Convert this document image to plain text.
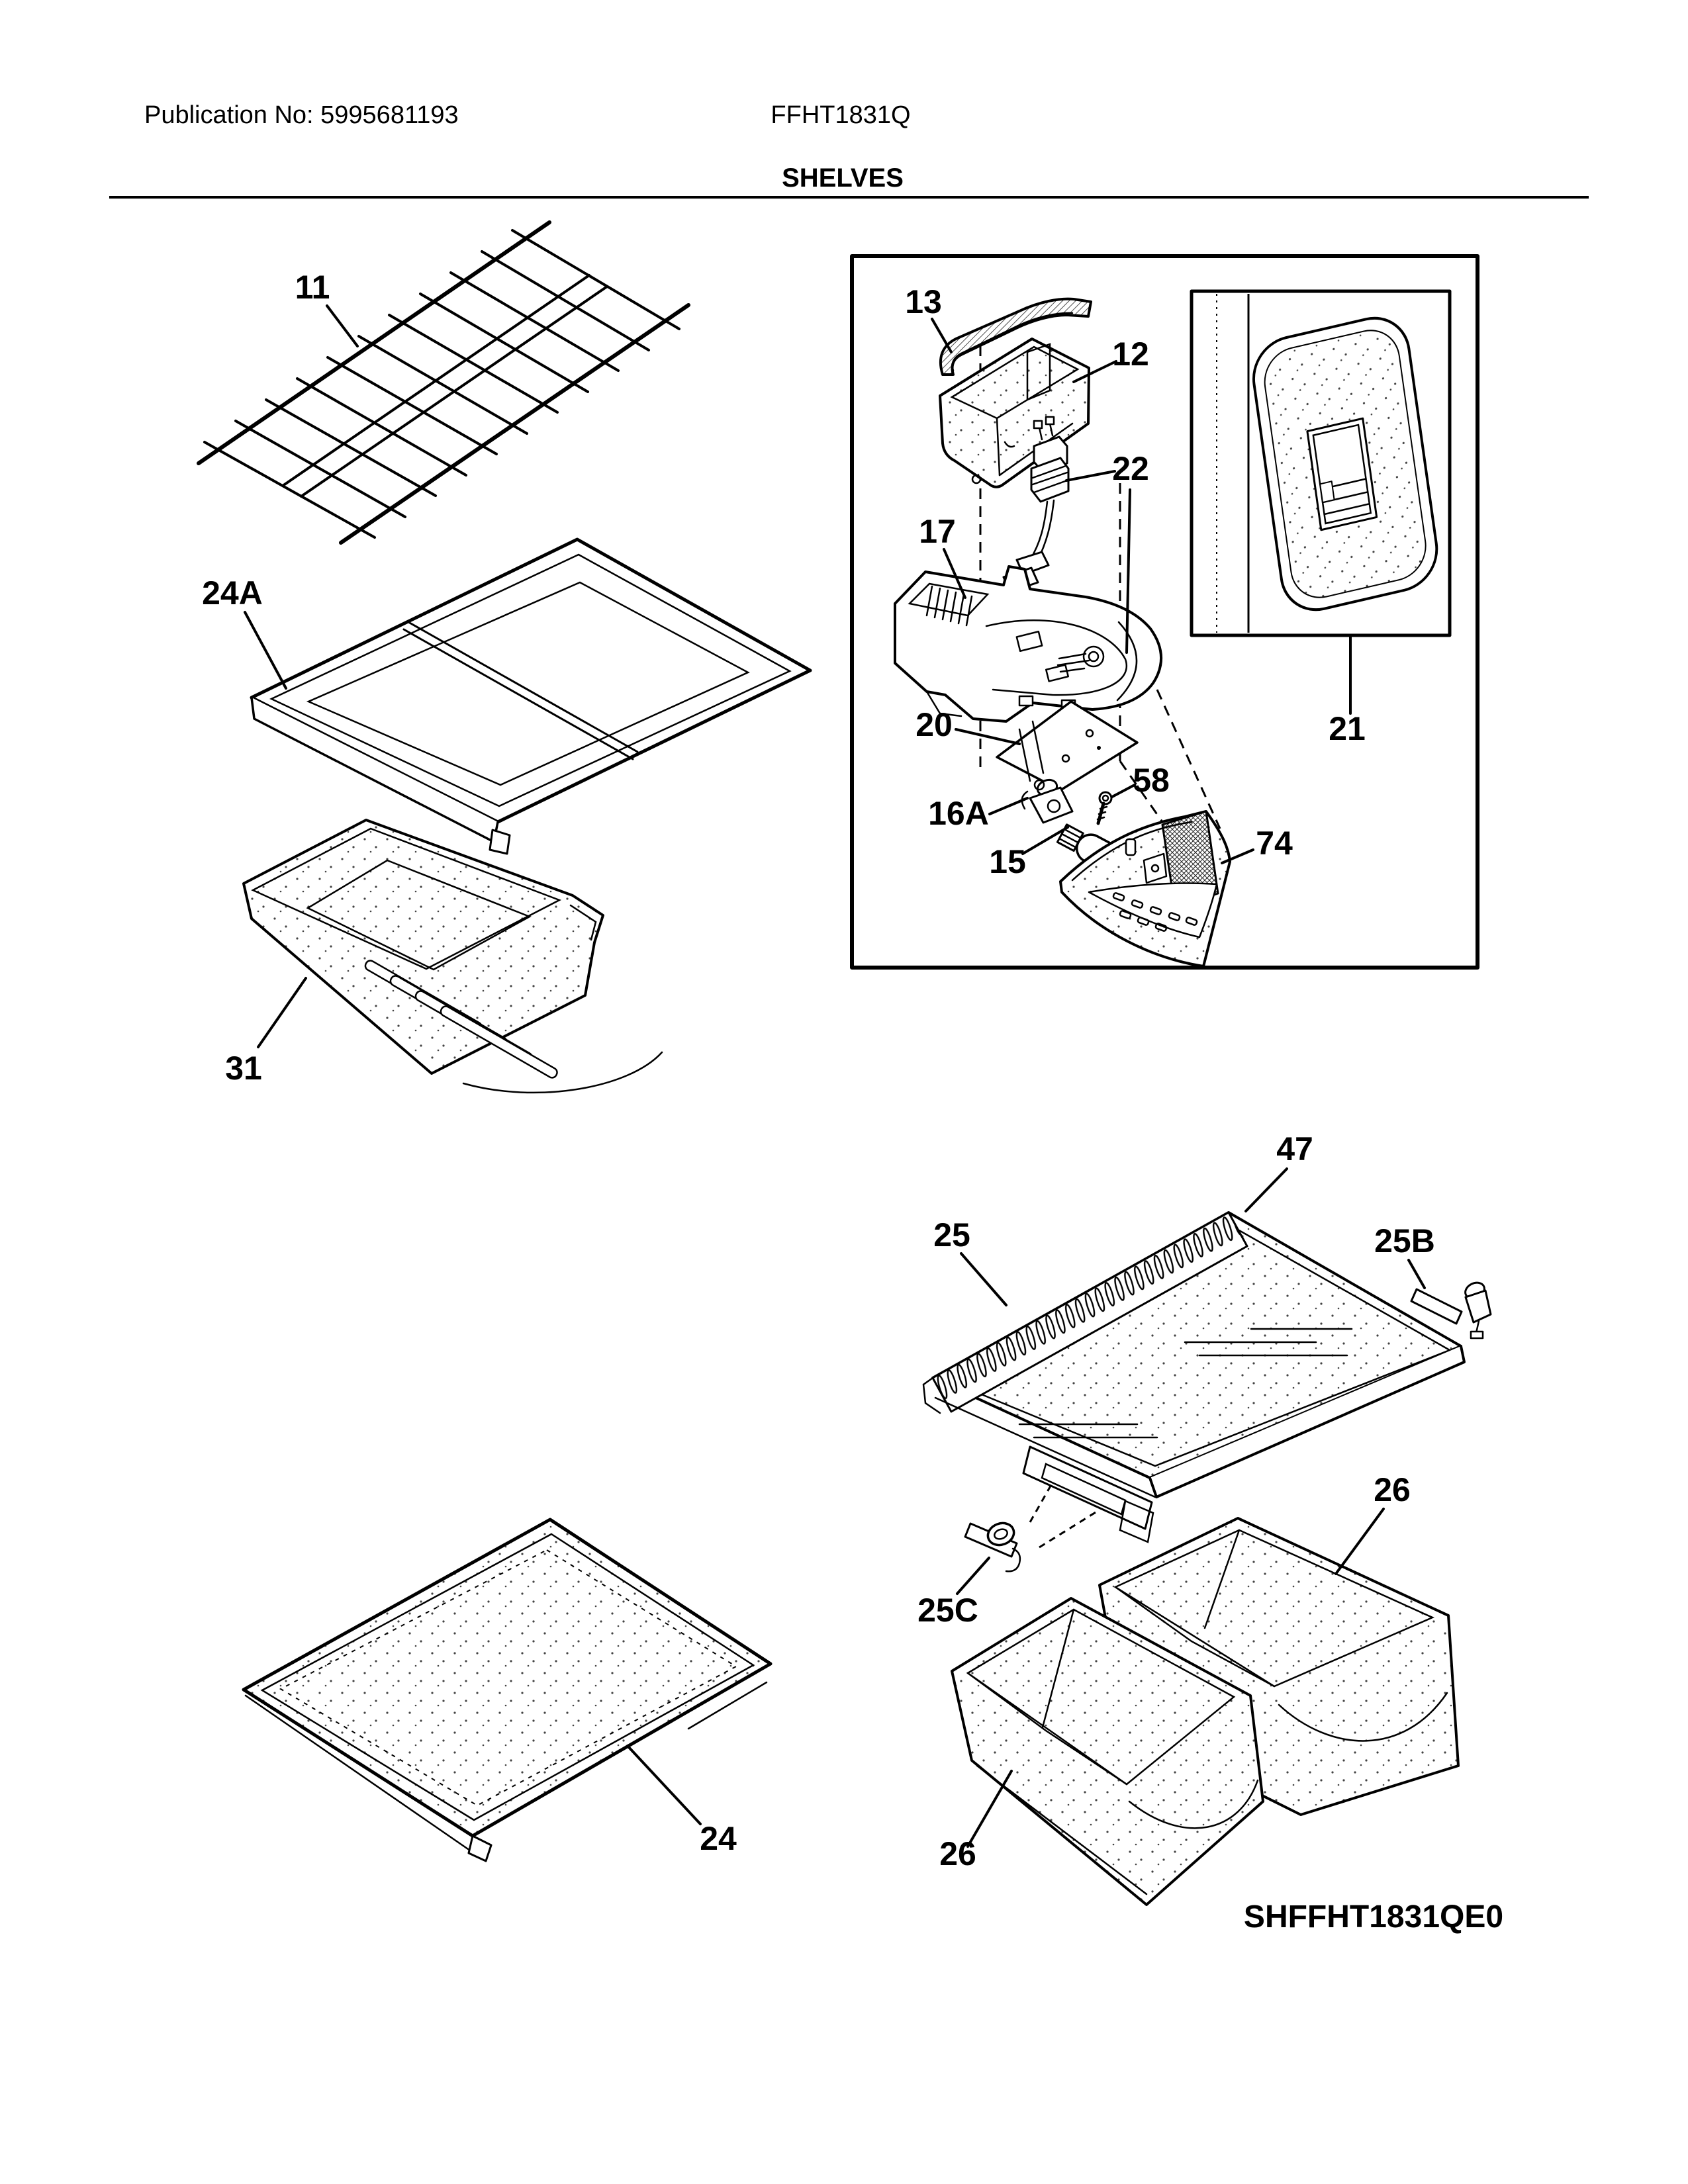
Publication No: 5995681193	FFHT1831Q
SHELVES
11
24A
31
13
12
22
17
20
58
16A
15	74
21
47
25	25B
25C
26
26
24
SHFFHT1831QE0
